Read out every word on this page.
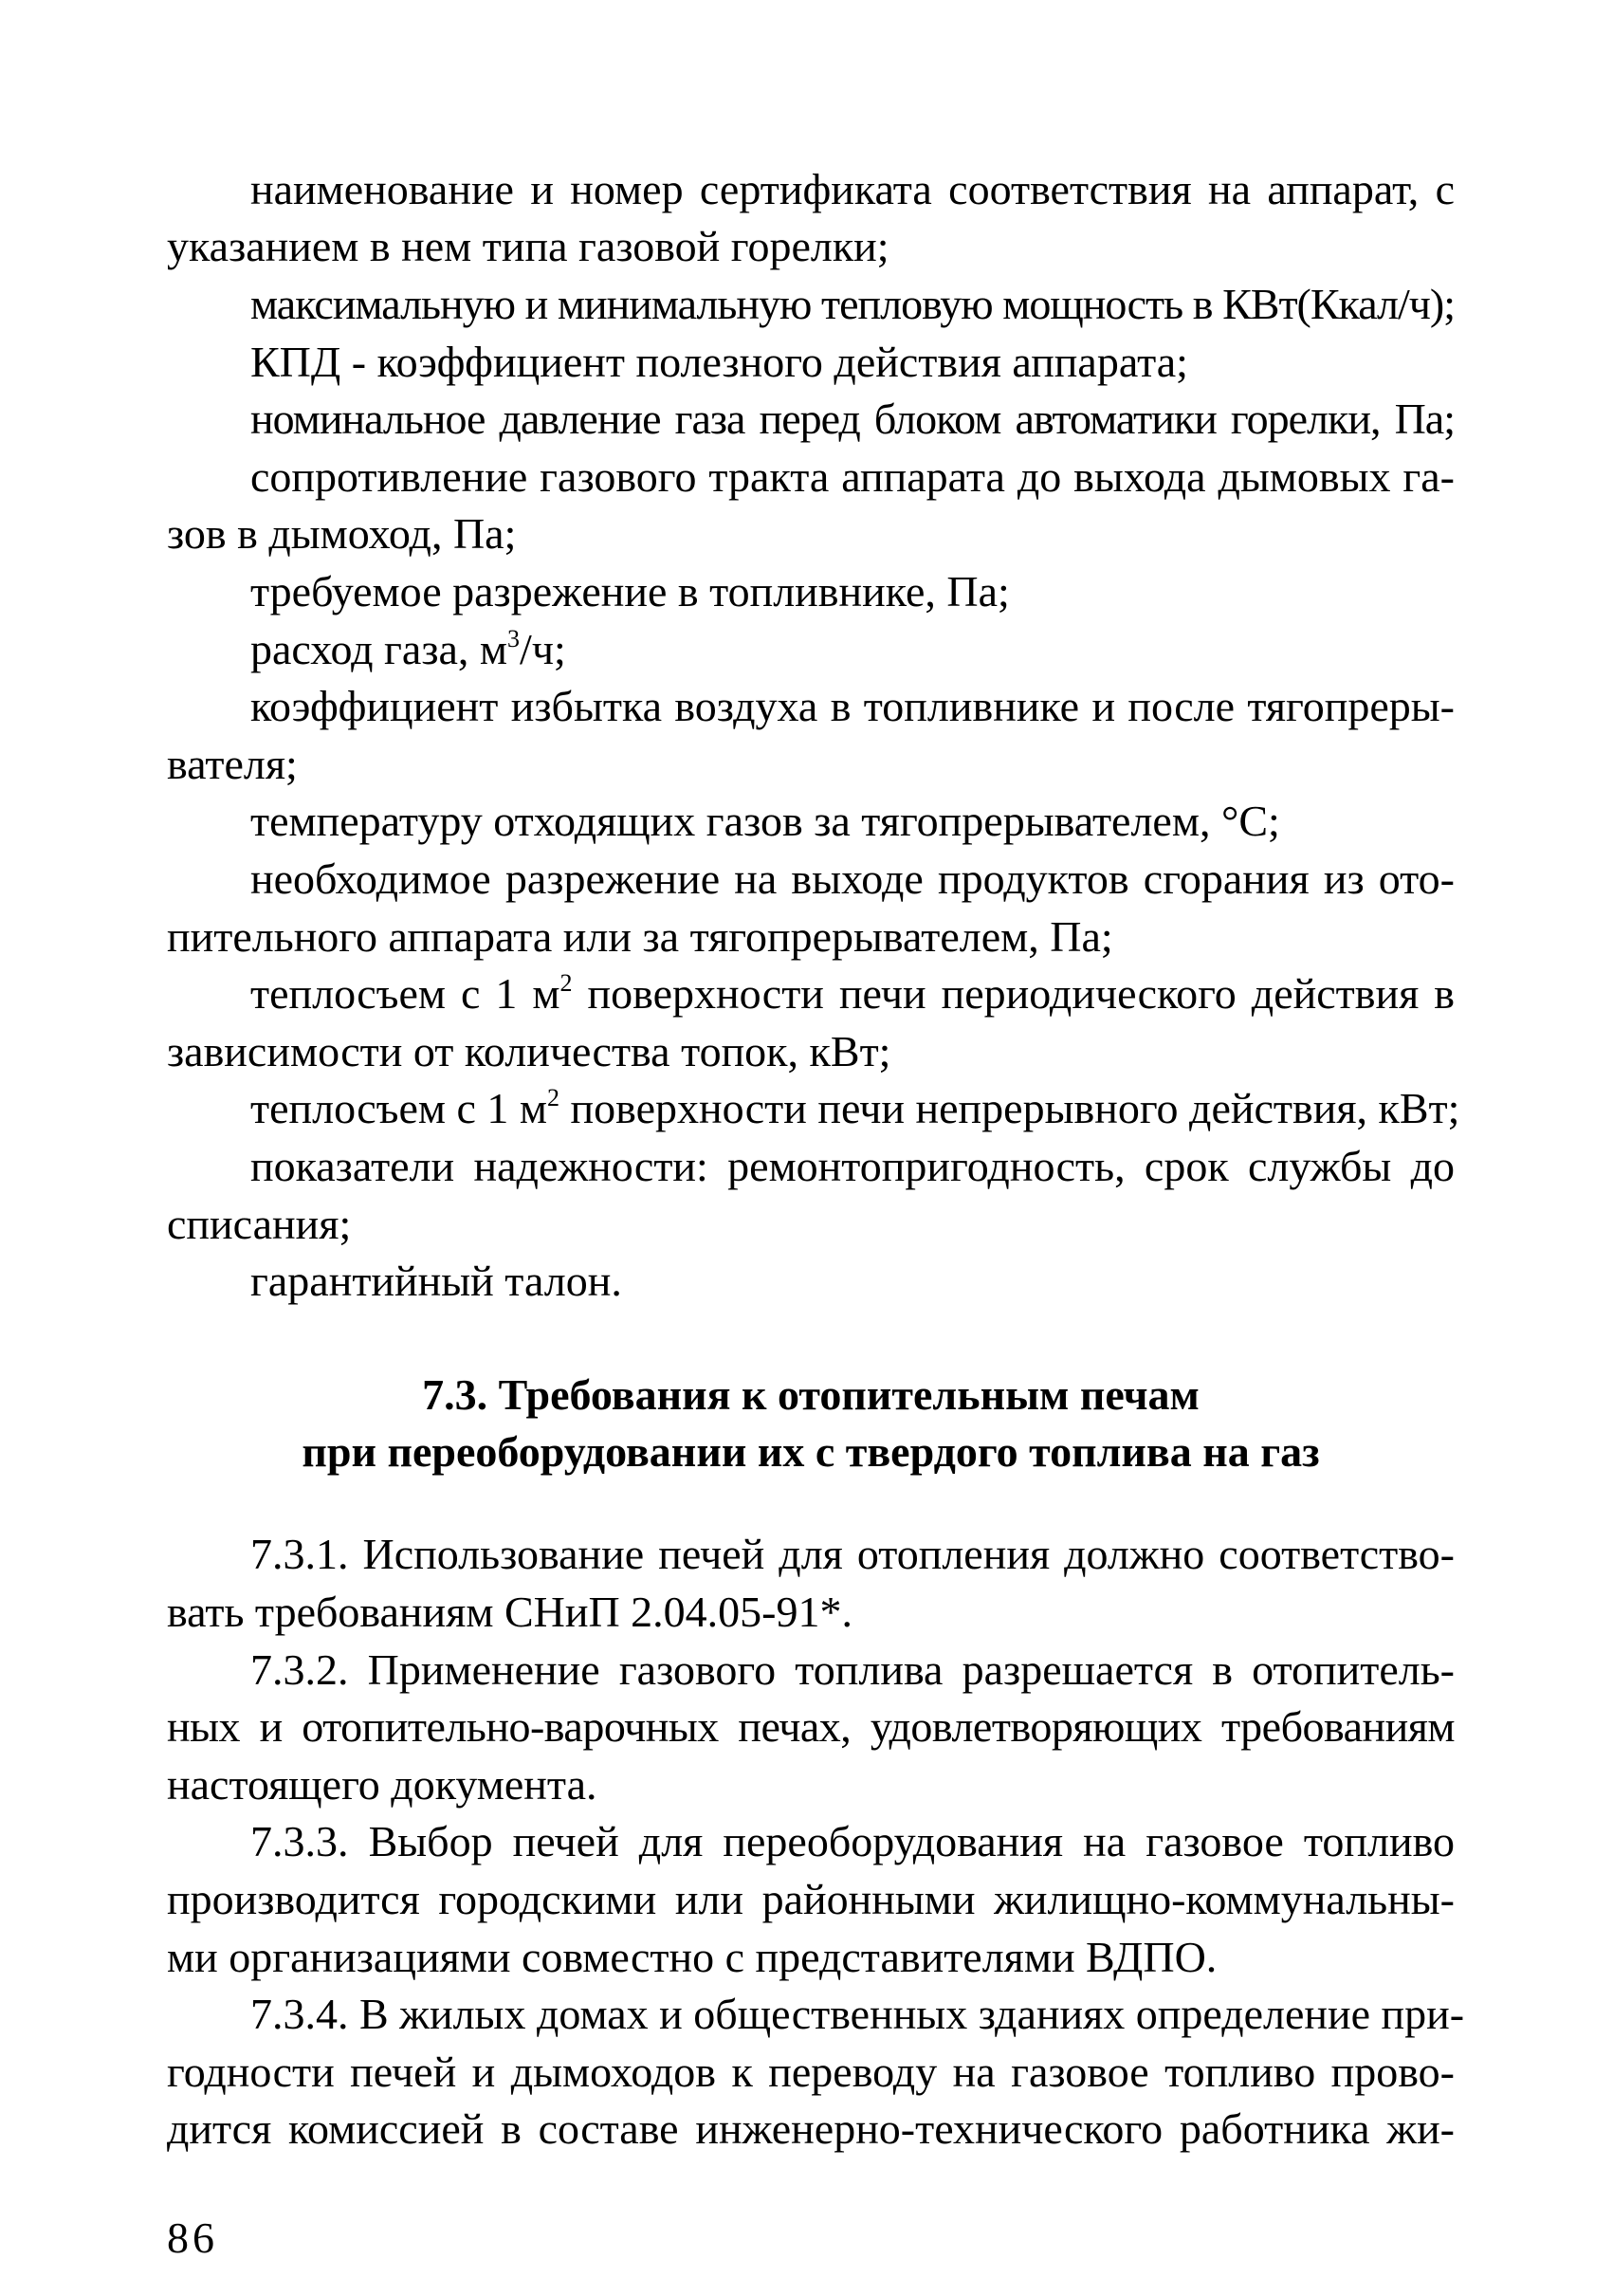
наименование и номер сертификата соответствия на аппарат, с
указанием в нем типа газовой горелки;
максимальную и минимальную тепловую мощность в КВт(Ккал/ч);
КПД - коэффициент полезного действия аппарата;
номинальное давление газа перед блоком автоматики горелки, Па;
сопротивление газового тракта аппарата до выхода дымовых га-
зов в дымоход, Па;
требуемое разрежение в топливнике, Па;
расход газа, $м^3/ч$;
коэффициент избытка воздуха в топливнике и после тягопреры-
вателя;
температуру отходящих газов за тягопрерывателем, °С;
необходимое разрежение на выходе продуктов сгорания из ото-
пительного аппарата или за тягопрерывателем, Па;
теплосъем с 1 $м^2$ поверхности печи периодического действия в
зависимости от количества топок, кВт;
теплосъем с 1 $м^2$ поверхности печи непрерывного действия, кВт;
показатели надежности: ремонтопригодность, срок службы до
списания;
гарантийный талон.
7.3. Требования к отопительным печам
при переоборудовании их с твердого топлива на газ
7.3.1. Использование печей для отопления должно соответство-
вать требованиям СНиП 2.04.05-91*.
7.3.2. Применение газового топлива разрешается в отопитель-
ных и отопительно-варочных печах, удовлетворяющих требованиям
настоящего документа.
7.3.3. Выбор печей для переоборудования на газовое топливо
производится городскими или районными жилищно-коммунальны-
ми организациями совместно с представителями ВДПО.
7.3.4. В жилых домах и общественных зданиях определение при-
годности печей и дымоходов к переводу на газовое топливо прово-
дится комиссией в составе инженерно-технического работника жи-
86
